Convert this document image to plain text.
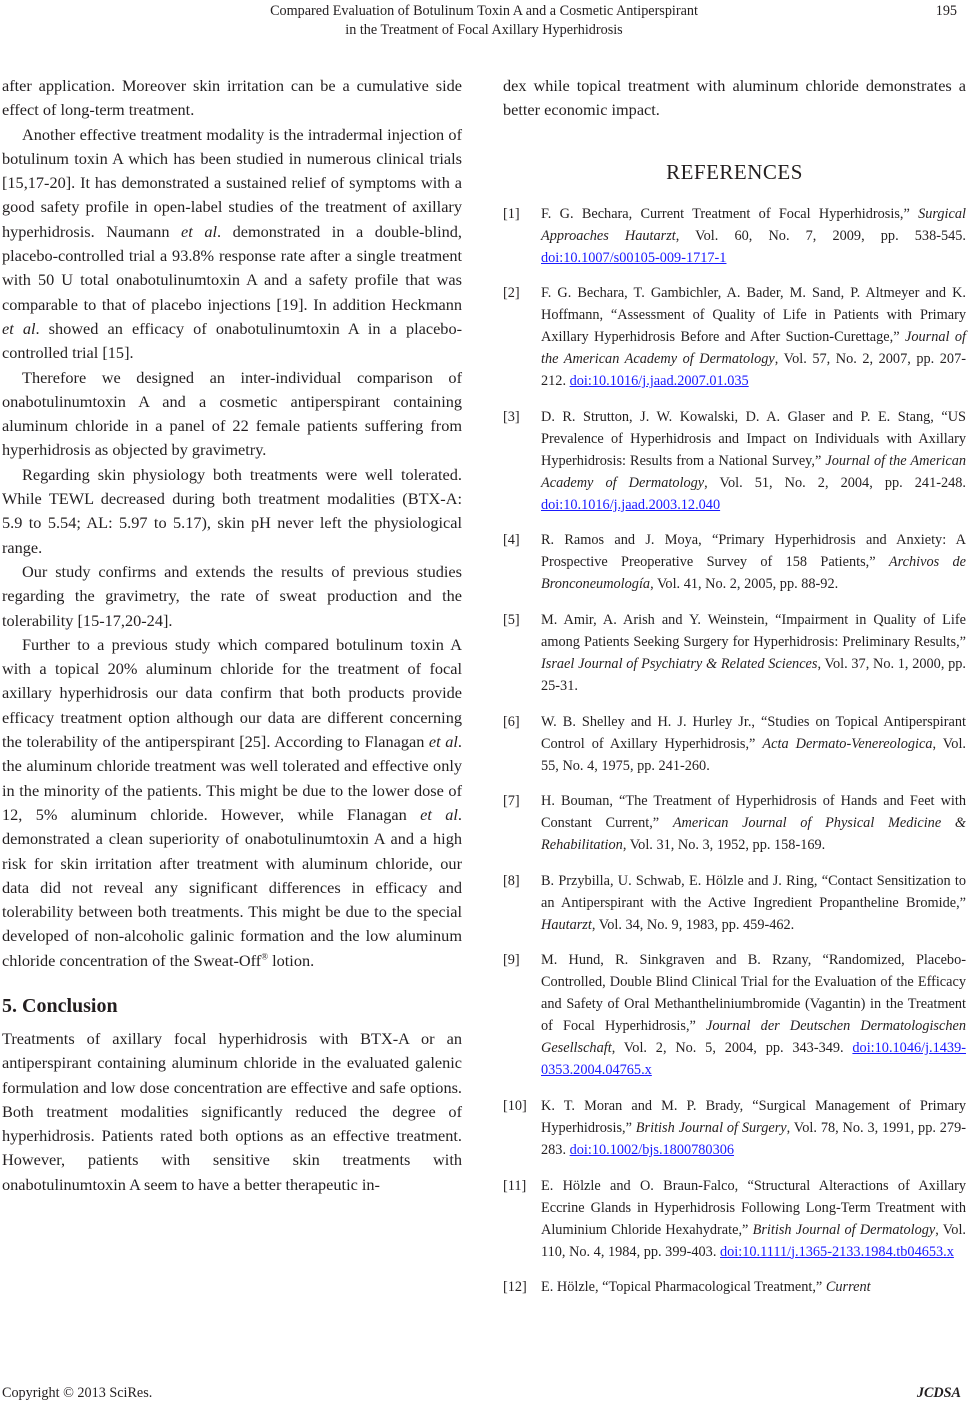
Compared Evaluation of Botulinum Toxin A and a Cosmetic Antiperspirant
in the Treatment of Focal Axillary Hyperhidrosis
195

after application. Moreover skin irritation can be a cumulative side effect of long-term treatment.

Another effective treatment modality is the intradermal injection of botulinum toxin A which has been studied in numerous clinical trials [15,17-20]. It has demonstrated a sustained relief of symptoms with a good safety profile in open-label studies of the treatment of axillary hyperhidrosis. Naumann et al. demonstrated in a double-blind, placebo-controlled trial a 93.8% response rate after a single treatment with 50 U total onabotulinumtoxin A and a safety profile that was comparable to that of placebo injections [19]. In addition Heckmann et al. showed an efficacy of onabotulinumtoxin A in a placebo-controlled trial [15].

Therefore we designed an inter-individual comparison of onabotulinumtoxin A and a cosmetic antiperspirant containing aluminum chloride in a panel of 22 female patients suffering from hyperhidrosis as objected by gravimetry.

Regarding skin physiology both treatments were well tolerated. While TEWL decreased during both treatment modalities (BTX-A: 5.9 to 5.54; AL: 5.97 to 5.17), skin pH never left the physiological range.

Our study confirms and extends the results of previous studies regarding the gravimetry, the rate of sweat production and the tolerability [15-17,20-24].

Further to a previous study which compared botulinum toxin A with a topical 20% aluminum chloride for the treatment of focal axillary hyperhidrosis our data confirm that both products provide efficacy treatment option although our data are different concerning the tolerability of the antiperspirant [25]. According to Flanagan et al. the aluminum chloride treatment was well tolerated and effective only in the minority of the patients. This might be due to the lower dose of 12, 5% aluminum chloride. However, while Flanagan et al. demonstrated a clean superiority of onabotulinumtoxin A and a high risk for skin irritation after treatment with aluminum chloride, our data did not reveal any significant differences in efficacy and tolerability between both treatments. This might be due to the special developed of non-alcoholic galinic formation and the low aluminum chloride concentration of the Sweat-Off® lotion.

5. Conclusion

Treatments of axillary focal hyperhidrosis with BTX-A or an antiperspirant containing aluminum chloride in the evaluated galenic formulation and low dose concentration are effective and safe options. Both treatment modalities significantly reduced the degree of hyperhidrosis. Patients rated both options as an effective treatment. However, patients with sensitive skin treatments with onabotulinumtoxin A seem to have a better therapeutic in-

dex while topical treatment with aluminum chloride demonstrates a better economic impact.

REFERENCES
[1] F. G. Bechara, Current Treatment of Focal Hyperhidrosis,” Surgical Approaches Hautarzt, Vol. 60, No. 7, 2009, pp. 538-545. doi:10.1007/s00105-009-1717-1
[2] F. G. Bechara, T. Gambichler, A. Bader, M. Sand, P. Altmeyer and K. Hoffmann, “Assessment of Quality of Life in Patients with Primary Axillary Hyperhidrosis Before and After Suction-Curettage,” Journal of the American Academy of Dermatology, Vol. 57, No. 2, 2007, pp. 207-212. doi:10.1016/j.jaad.2007.01.035
[3] D. R. Strutton, J. W. Kowalski, D. A. Glaser and P. E. Stang, “US Prevalence of Hyperhidrosis and Impact on Individuals with Axillary Hyperhidrosis: Results from a National Survey,” Journal of the American Academy of Dermatology, Vol. 51, No. 2, 2004, pp. 241-248. doi:10.1016/j.jaad.2003.12.040
[4] R. Ramos and J. Moya, “Primary Hyperhidrosis and Anxiety: A Prospective Preoperative Survey of 158 Patients,” Archivos de Bronconeumología, Vol. 41, No. 2, 2005, pp. 88-92.
[5] M. Amir, A. Arish and Y. Weinstein, “Impairment in Quality of Life among Patients Seeking Surgery for Hyperhidrosis: Preliminary Results,” Israel Journal of Psychiatry & Related Sciences, Vol. 37, No. 1, 2000, pp. 25-31.
[6] W. B. Shelley and H. J. Hurley Jr., “Studies on Topical Antiperspirant Control of Axillary Hyperhidrosis,” Acta Dermato-Venereologica, Vol. 55, No. 4, 1975, pp. 241-260.
[7] H. Bouman, “The Treatment of Hyperhidrosis of Hands and Feet with Constant Current,” American Journal of Physical Medicine & Rehabilitation, Vol. 31, No. 3, 1952, pp. 158-169.
[8] B. Przybilla, U. Schwab, E. Hölzle and J. Ring, “Contact Sensitization to an Antiperspirant with the Active Ingredient Propantheline Bromide,” Hautarzt, Vol. 34, No. 9, 1983, pp. 459-462.
[9] M. Hund, R. Sinkgraven and B. Rzany, “Randomized, Placebo-Controlled, Double Blind Clinical Trial for the Evaluation of the Efficacy and Safety of Oral Methantheliniumbromide (Vagantin) in the Treatment of Focal Hyperhidrosis,” Journal der Deutschen Dermatologischen Gesellschaft, Vol. 2, No. 5, 2004, pp. 343-349. doi:10.1046/j.1439-0353.2004.04765.x
[10] K. T. Moran and M. P. Brady, “Surgical Management of Primary Hyperhidrosis,” British Journal of Surgery, Vol. 78, No. 3, 1991, pp. 279-283. doi:10.1002/bjs.1800780306
[11] E. Hölzle and O. Braun-Falco, “Structural Alteractions of Axillary Eccrine Glands in Hyperhidrosis Following Long-Term Treatment with Aluminium Chloride Hexahydrate,” British Journal of Dermatology, Vol. 110, No. 4, 1984, pp. 399-403. doi:10.1111/j.1365-2133.1984.tb04653.x
[12] E. Hölzle, “Topical Pharmacological Treatment,” Current
Copyright © 2013 SciRes.	JCDSA
